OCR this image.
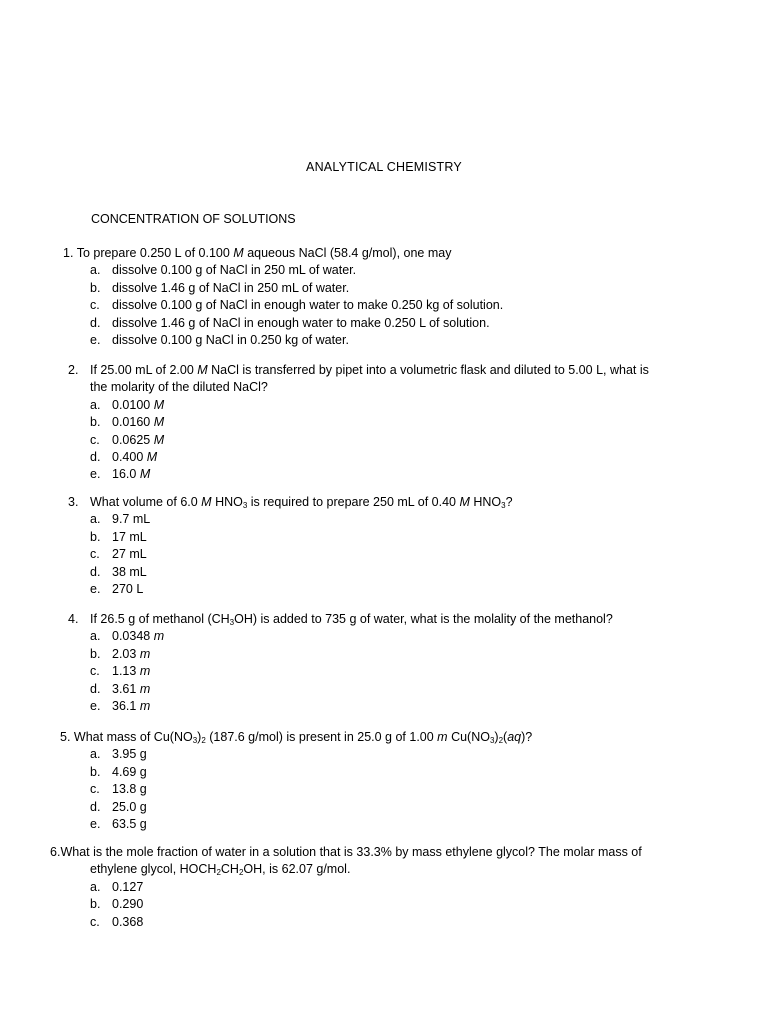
ANALYTICAL CHEMISTRY
CONCENTRATION OF SOLUTIONS
1. To prepare 0.250 L of 0.100 M aqueous NaCl (58.4 g/mol), one may
a. dissolve 0.100 g of NaCl in 250 mL of water.
b. dissolve 1.46 g of NaCl in 250 mL of water.
c. dissolve 0.100 g of NaCl in enough water to make 0.250 kg of solution.
d. dissolve 1.46 g of NaCl in enough water to make 0.250 L of solution.
e. dissolve 0.100 g NaCl in 0.250 kg of water.
2. If 25.00 mL of 2.00 M NaCl is transferred by pipet into a volumetric flask and diluted to 5.00 L, what is
the molarity of the diluted NaCl?
a. 0.0100 M
b. 0.0160 M
c. 0.0625 M
d. 0.400 M
e. 16.0 M
3. What volume of 6.0 M $HNO_3$ is required to prepare 250 mL of 0.40 M $HNO_3$?
a. 9.7 mL
b. 17 mL
c. 27 mL
d. 38 mL
e. 270 L
4. If 26.5 g of methanol $(CH_3OH)$ is added to 735 g of water, what is the molality of the methanol?
a. 0.0348 m
b. 2.03 m
c. 1.13 m
d. 3.61 m
e. 36.1 m
5. What mass of $Cu(NO_3)_2$ (187.6 g/mol) is present in 25.0 g of 1.00 m $Cu(NO_3)_2(aq)$?
a. 3.95 g
b. 4.69 g
c. 13.8 g
d. 25.0 g
e. 63.5 g
6.What is the mole fraction of water in a solution that is 33.3% by mass ethylene glycol? The molar mass of
ethylene glycol, $HOCH_2CH_2OH$, is 62.07 g/mol.
a. 0.127
b. 0.290
c. 0.368
